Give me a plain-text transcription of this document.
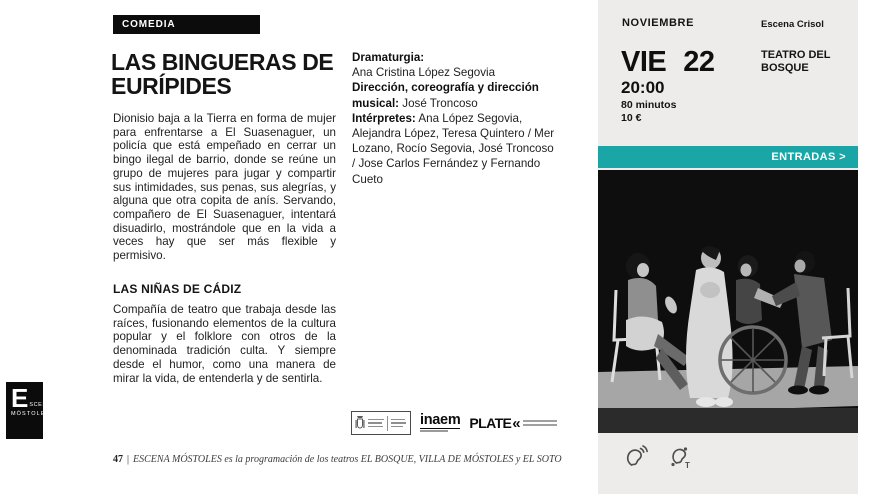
COMEDIA
LAS BINGUERAS DE EURÍPIDES

Dionisio baja a la Tierra en forma de mujer para enfrentarse a El Suasenaguer, un policía que está empeñado en cerrar un bingo ilegal de barrio, donde se reúne un grupo de mujeres para jugar y compartir sus intimidades, sus penas, sus alegrías, y alguna que otra copita de anís. Servando, compañero de El Suasenaguer, intentará disuadirlo, mostrándole que en la vida a veces hay que ser más flexible y permisivo.

LAS NIÑAS DE CÁDIZ

Compañía de teatro que trabaja desde las raíces, fusionando elementos de la cultura popular y el folklore con otros de la denominada tradición culta. Y siempre desde el humor, como una manera de mirar la vida, de entenderla y de sentirla.

Dramaturgia:
Ana Cristina López Segovia
Dirección, coreografía y dirección musical: José Troncoso
Intérpretes: Ana López Segovia, Alejandra López, Teresa Quintero / Mer Lozano, Rocío Segovia, José Troncoso / Jose Carlos Fernández y Fernando Cueto
inaem PLATE «
47 | ESCENA MÓSTOLES es la programación de los teatros EL BOSQUE, VILLA DE MÓSTOLES y EL SOTO
E SCENA
MÓSTOLES
NOVIEMBRE	Escena Crisol
VIE 22
20:00
80 minutos
10 €
TEATRO DEL BOSQUE
ENTRADAS >
T
